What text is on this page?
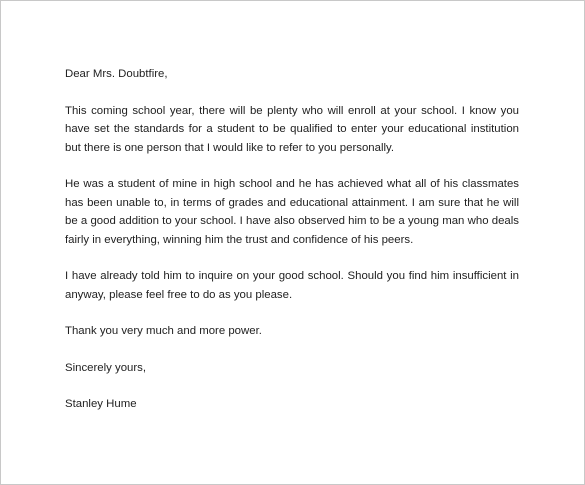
Dear Mrs. Doubtfire,

This coming school year, there will be plenty who will enroll at your school. I know you have set the standards for a student to be qualified to enter your educational institution but there is one person that I would like to refer to you personally.

He was a student of mine in high school and he has achieved what all of his classmates has been unable to, in terms of grades and educational attainment. I am sure that he will be a good addition to your school. I have also observed him to be a young man who deals fairly in everything, winning him the trust and confidence of his peers.

I have already told him to inquire on your good school. Should you find him insufficient in anyway, please feel free to do as you please.

Thank you very much and more power.

Sincerely yours,

Stanley Hume
